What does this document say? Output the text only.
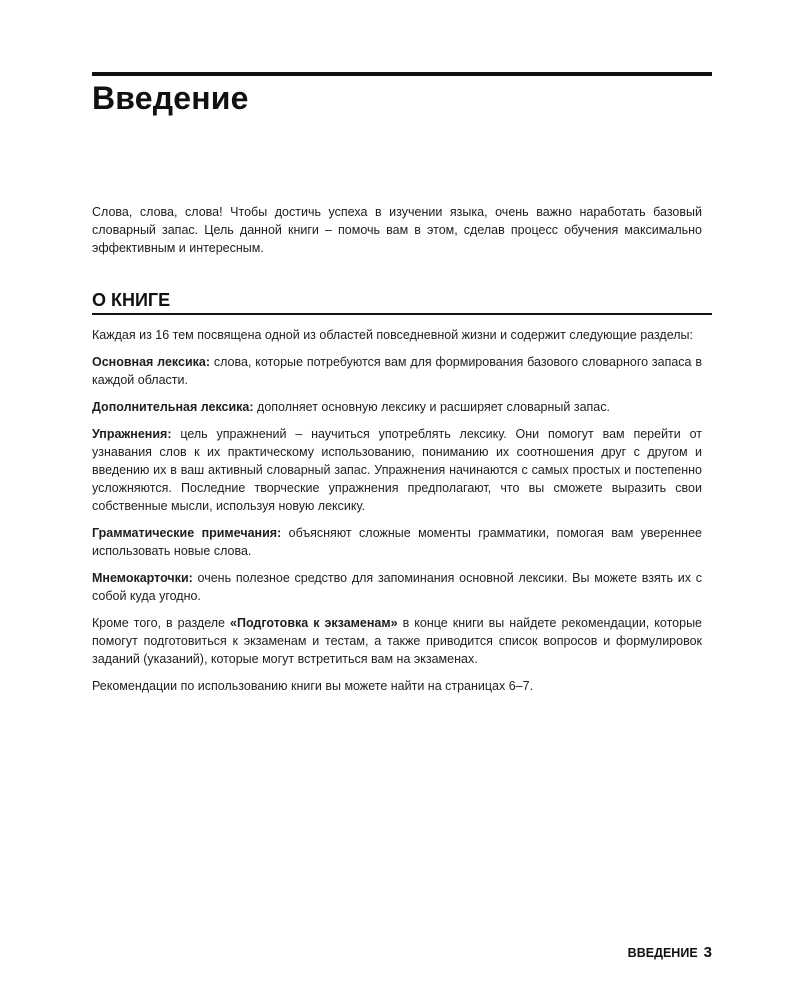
Введение

Слова, слова, слова! Чтобы достичь успеха в изучении языка, очень важно наработать базовый словарный запас. Цель данной книги – помочь вам в этом, сделав процесс обучения максимально эффективным и интересным.

О КНИГЕ

Каждая из 16 тем посвящена одной из областей повседневной жизни и содержит следующие разделы:

Основная лексика: слова, которые потребуются вам для формирования базового словарного запаса в каждой области.

Дополнительная лексика: дополняет основную лексику и расширяет словарный запас.

Упражнения: цель упражнений – научиться употреблять лексику. Они помогут вам перейти от узнавания слов к их практическому использованию, пониманию их соотношения друг с другом и введению их в ваш активный словарный запас. Упражнения начинаются с самых простых и постепенно усложняются. Последние творческие упражнения предполагают, что вы сможете выразить свои собственные мысли, используя новую лексику.

Грамматические примечания: объясняют сложные моменты грамматики, помогая вам увереннее использовать новые слова.

Мнемокарточки: очень полезное средство для запоминания основной лексики. Вы можете взять их с собой куда угодно.

Кроме того, в разделе «Подготовка к экзаменам» в конце книги вы найдете рекомендации, которые помогут подготовиться к экзаменам и тестам, а также приводится список вопросов и формулировок заданий (указаний), которые могут встретиться вам на экзаменах.

Рекомендации по использованию книги вы можете найти на страницах 6–7.

ВВЕДЕНИЕ 3
